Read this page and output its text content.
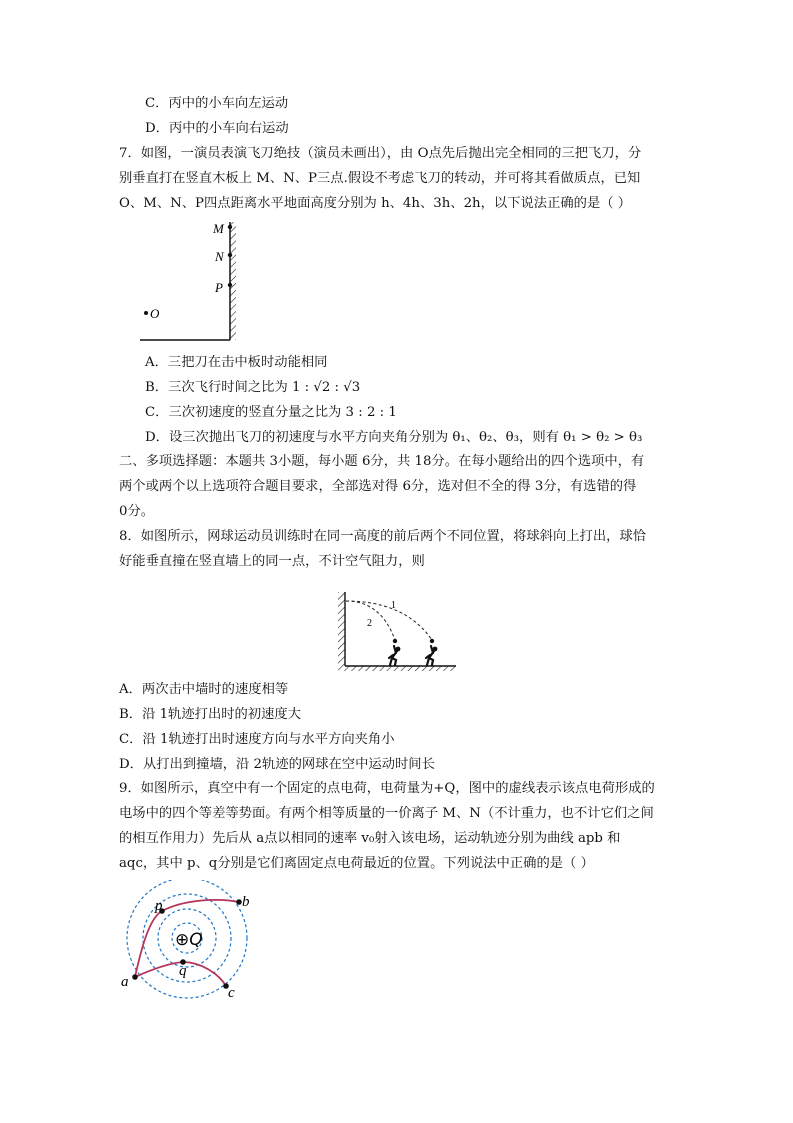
C．丙中的小车向左运动
D．丙中的小车向右运动
7．如图，一演员表演飞刀绝技（演员未画出），由 O点先后抛出完全相同的三把飞刀，分
别垂直打在竖直木板上 M、N、P三点.假设不考虑飞刀的转动，并可将其看做质点，已知
O、M、N、P四点距离水平地面高度分别为 h、4h、3h、2h，以下说法正确的是（ ）
M
N
P
O
A．三把刀在击中板时动能相同
B．三次飞行时间之比为 1 : √2 : √3
C．三次初速度的竖直分量之比为 3 : 2 : 1
D．设三次抛出飞刀的初速度与水平方向夹角分别为 θ₁、θ₂、θ₃，则有 θ₁ > θ₂ > θ₃
二、多项选择题：本题共 3小题，每小题 6分，共 18分。在每小题给出的四个选项中，有
两个或两个以上选项符合题目要求，全部选对得 6分，选对但不全的得 3分，有选错的得
0分。
8．如图所示，网球运动员训练时在同一高度的前后两个不同位置，将球斜向上打出，球恰
好能垂直撞在竖直墙上的同一点，不计空气阻力，则
1
2
A．两次击中墙时的速度相等
B．沿 1轨迹打出时的初速度大
C．沿 1轨迹打出时速度方向与水平方向夹角小
D．从打出到撞墙，沿 2轨迹的网球在空中运动时间长
9．如图所示，真空中有一个固定的点电荷，电荷量为+Q，图中的虚线表示该点电荷形成的
电场中的四个等差等势面。有两个相等质量的一价离子 M、N（不计重力，也不计它们之间
的相互作用力）先后从 a点以相同的速率 v₀射入该电场，运动轨迹分别为曲线 apb 和
aqc，其中 p、q分别是它们离固定点电荷最近的位置。下列说法中正确的是（ ）
⊕Q
p	b
q
a
c
